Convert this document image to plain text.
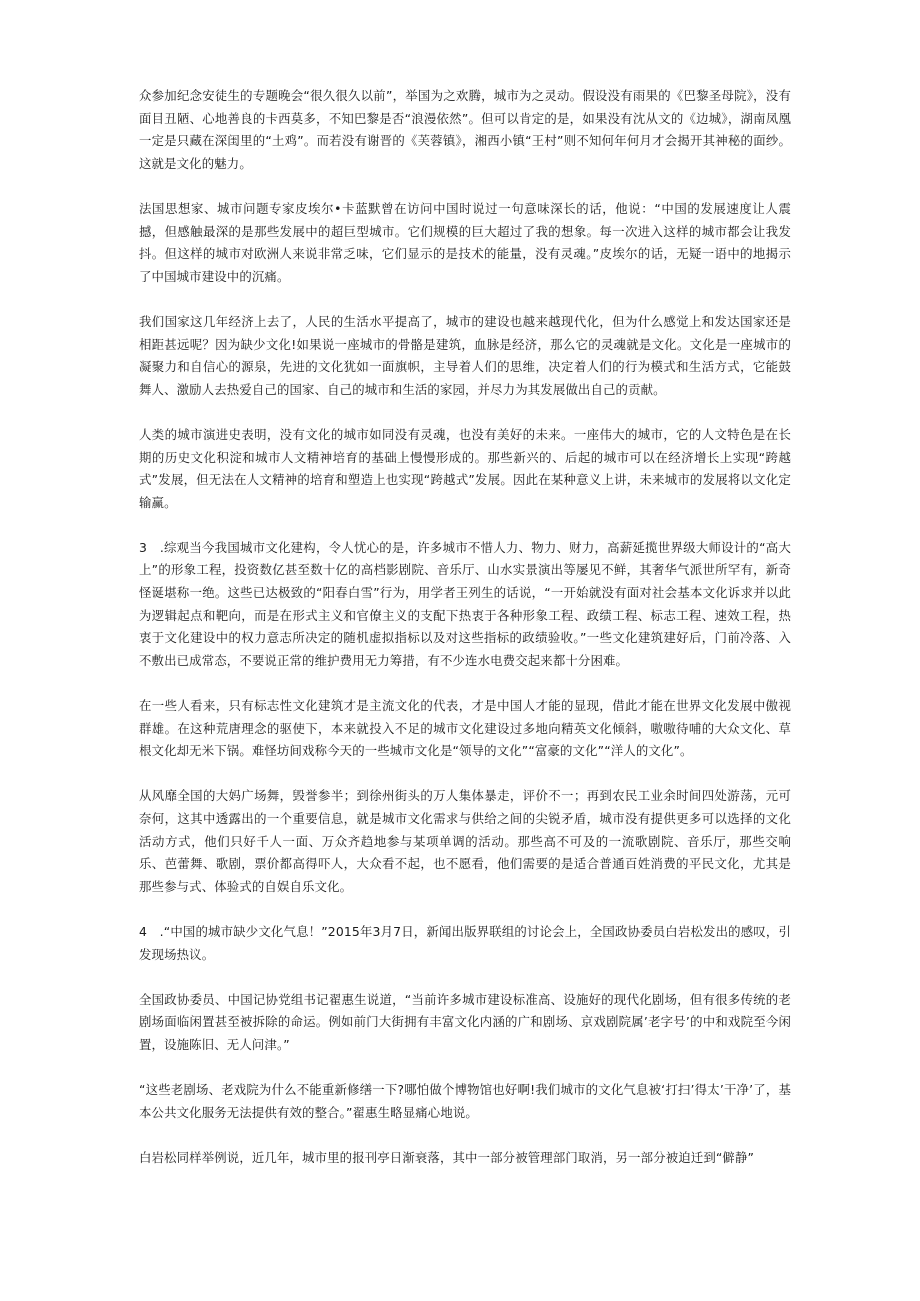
众参加纪念安徒生的专题晚会“很久很久以前”，举国为之欢腾，城市为之灵动。假设没有雨果的《巴黎圣母院》，没有面目丑陋、心地善良的卡西莫多，不知巴黎是否“浪漫依然”。但可以肯定的是，如果没有沈从文的《边城》，湖南凤凰一定是只藏在深闺里的“土鸡”。而若没有谢晋的《芙蓉镇》，湘西小镇“王村”则不知何年何月才会揭开其神秘的面纱。这就是文化的魅力。

法国思想家、城市问题专家皮埃尔•卡蓝默曾在访问中国时说过一句意味深长的话，他说：“中国的发展速度让人震撼，但感触最深的是那些发展中的超巨型城市。它们规模的巨大超过了我的想象。每一次进入这样的城市都会让我发抖。但这样的城市对欧洲人来说非常乏味，它们显示的是技术的能量，没有灵魂。”皮埃尔的话，无疑一语中的地揭示了中国城市建设中的沉痛。

我们国家这几年经济上去了，人民的生活水平提高了，城市的建设也越来越现代化，但为什么感觉上和发达国家还是相距甚远呢？因为缺少文化!如果说一座城市的骨骼是建筑，血脉是经济，那么它的灵魂就是文化。文化是一座城市的凝聚力和自信心的源泉，先进的文化犹如一面旗帜，主导着人们的思维，决定着人们的行为模式和生活方式，它能鼓舞人、激励人去热爱自己的国家、自己的城市和生活的家园，并尽力为其发展做出自己的贡献。

人类的城市演进史表明，没有文化的城市如同没有灵魂，也没有美好的未来。一座伟大的城市，它的人文特色是在长期的历史文化积淀和城市人文精神培育的基础上慢慢形成的。那些新兴的、后起的城市可以在经济增长上实现“跨越式”发展，但无法在人文精神的培育和塑造上也实现“跨越式”发展。因此在某种意义上讲，未来城市的发展将以文化定输赢。

3　.综观当今我国城市文化建构，令人忧心的是，许多城市不惜人力、物力、财力，高薪延揽世界级大师设计的“高大上”的形象工程，投资数亿甚至数十亿的高档影剧院、音乐厅、山水实景演出等屡见不鲜，其奢华气派世所罕有，新奇怪诞堪称一绝。这些已达极致的“阳春白雪”行为，用学者王列生的话说，“一开始就没有面对社会基本文化诉求并以此为逻辑起点和靶向，而是在形式主义和官僚主义的支配下热衷于各种形象工程、政绩工程、标志工程、速效工程，热衷于文化建设中的权力意志所决定的随机虚拟指标以及对这些指标的政绩验收。”一些文化建筑建好后，门前冷落、入不敷出已成常态，不要说正常的维护费用无力筹措，有不少连水电费交起来都十分困难。

在一些人看来，只有标志性文化建筑才是主流文化的代表，才是中国人才能的显现，借此才能在世界文化发展中傲视群雄。在这种荒唐理念的驱使下，本来就投入不足的城市文化建设过多地向精英文化倾斜，嗷嗷待哺的大众文化、草根文化却无米下锅。难怪坊间戏称今天的一些城市文化是“领导的文化”“富豪的文化”“洋人的文化”。

从风靡全国的大妈广场舞，毁誉参半；到徐州街头的万人集体暴走，评价不一；再到农民工业余时间四处游荡，元可奈何，这其中透露出的一个重要信息，就是城市文化需求与供给之间的尖锐矛盾，城市没有提供更多可以选择的文化活动方式，他们只好千人一面、万众齐趋地参与某项单调的活动。那些高不可及的一流歌剧院、音乐厅，那些交响乐、芭蕾舞、歌剧，票价都高得吓人，大众看不起，也不愿看，他们需要的是适合普通百姓消费的平民文化，尤其是那些参与式、体验式的自娱自乐文化。

4　.“中国的城市缺少文化气息！”2015年3月7日，新闻出版界联组的讨论会上，全国政协委员白岩松发出的感叹，引发现场热议。

全国政协委员、中国记协党组书记翟惠生说道，“当前许多城市建设标准高、设施好的现代化剧场，但有很多传统的老剧场面临闲置甚至被拆除的命运。例如前门大街拥有丰富文化内涵的广和剧场、京戏剧院属’老字号’的中和戏院至今闲置，设施陈旧、无人问津。”

“这些老剧场、老戏院为什么不能重新修缮一下?哪怕做个博物馆也好啊!我们城市的文化气息被‘打扫’得太’干净’了，基本公共文化服务无法提供有效的整合。”翟惠生略显痛心地说。

白岩松同样举例说，近几年，城市里的报刊亭日渐衰落，其中一部分被管理部门取消，另一部分被迫迁到“僻静”
